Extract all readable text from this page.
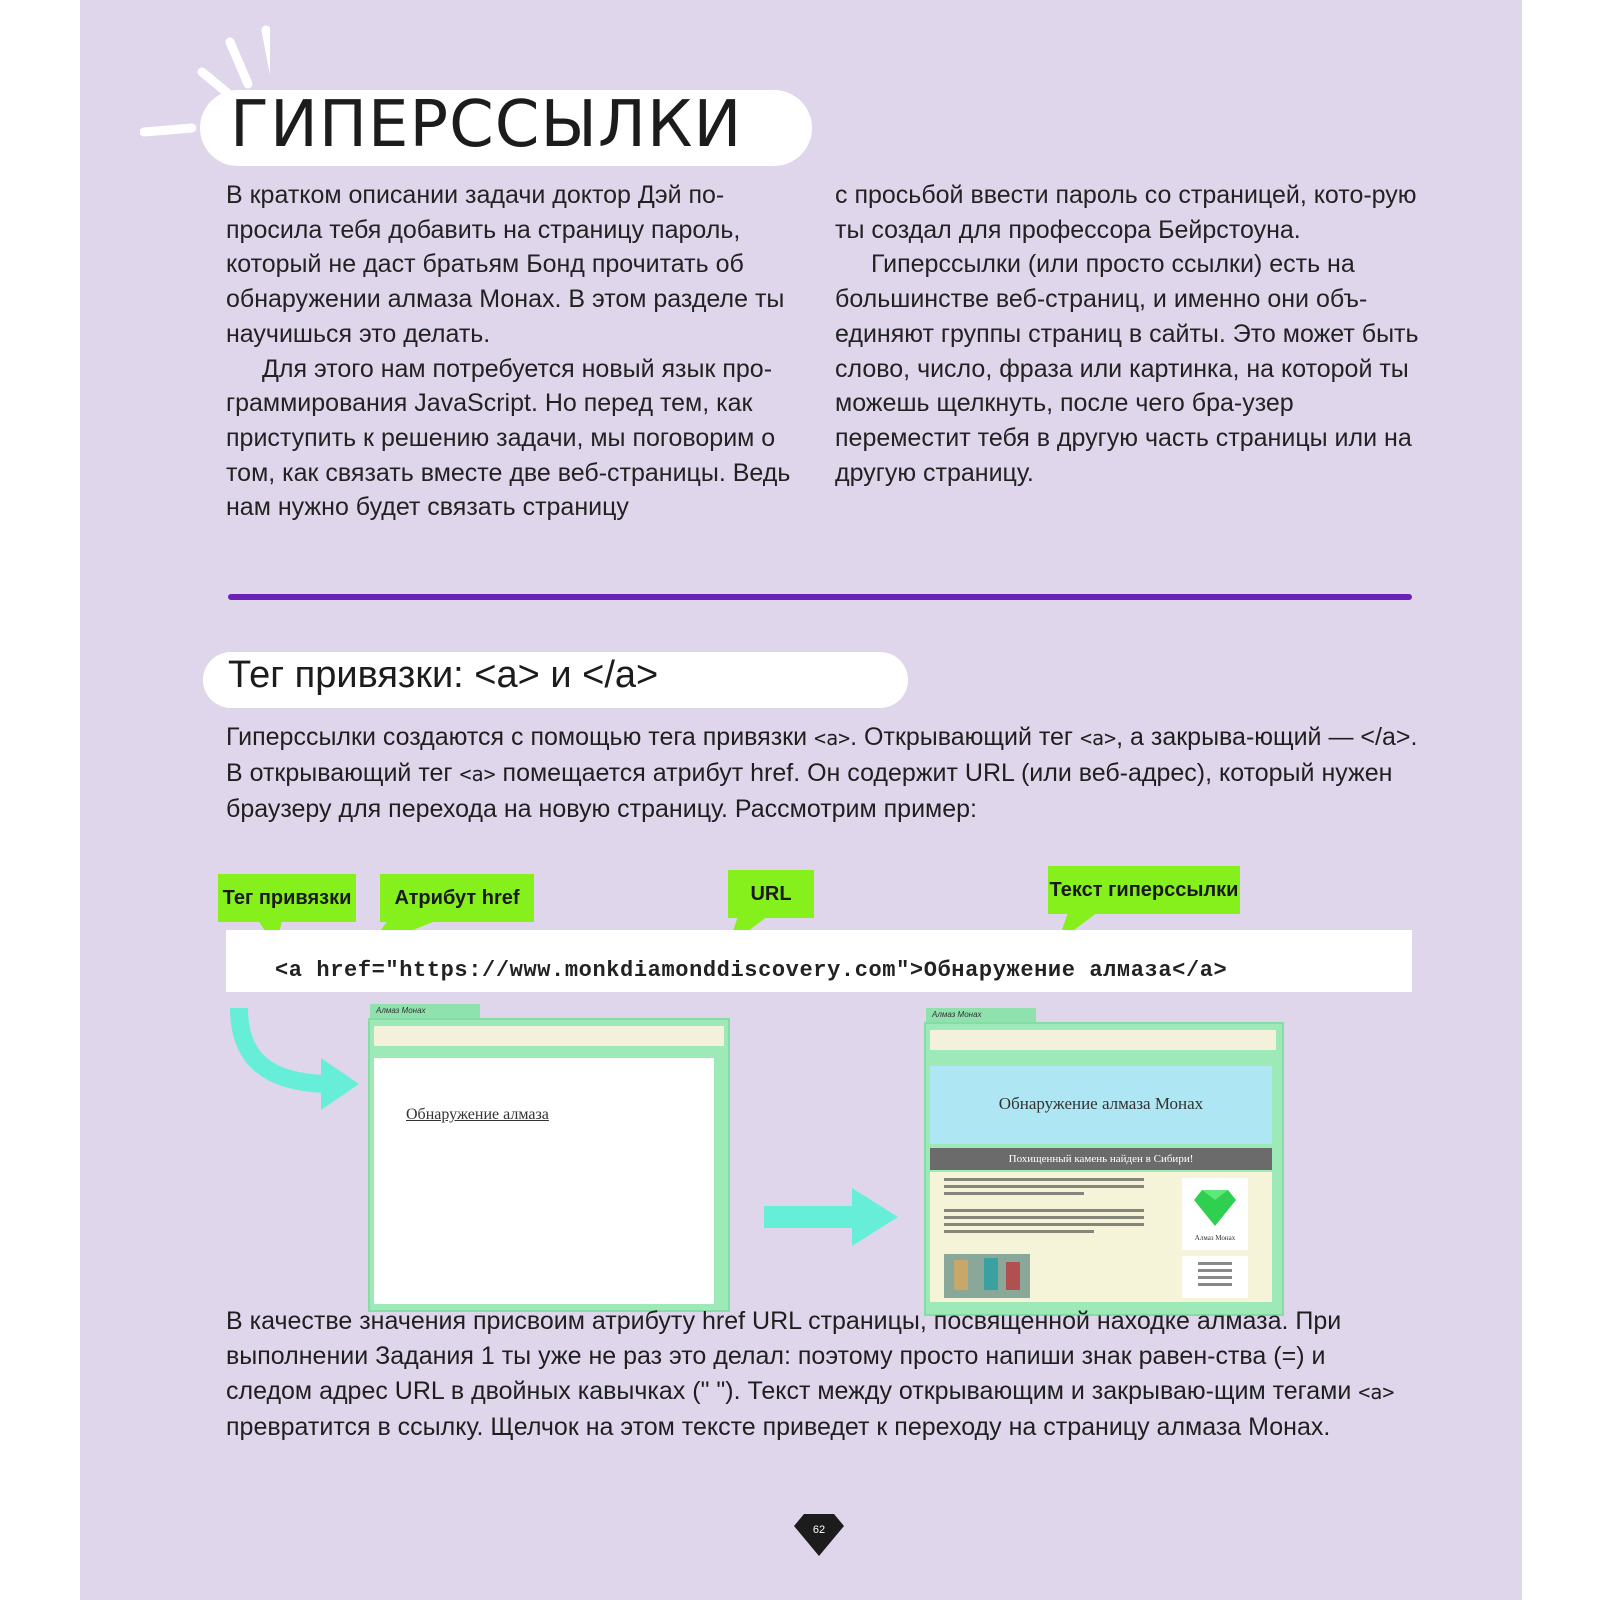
ГИПЕРССЫЛКИ

В кратком описании задачи доктор Дэй по-просила тебя добавить на страницу пароль, который не даст братьям Бонд прочитать об обнаружении алмаза Монах. В этом разделе ты научишься это делать.

Для этого нам потребуется новый язык про-граммирования JavaScript. Но перед тем, как приступить к решению задачи, мы поговорим о том, как связать вместе две веб-страницы. Ведь нам нужно будет связать страницу

с просьбой ввести пароль со страницей, кото-рую ты создал для профессора Бейрстоуна.

Гиперссылки (или просто ссылки) есть на большинстве веб-страниц, и именно они объ-единяют группы страниц в сайты. Это может быть слово, число, фраза или картинка, на которой ты можешь щелкнуть, после чего бра-узер переместит тебя в другую часть страницы или на другую страницу.

Тег привязки: <a> и </a>

Гиперссылки создаются с помощью тега привязки <a>. Открывающий тег <a>, а закрыва-ющий — </a>. В открывающий тег <a> помещается атрибут href. Он содержит URL (или веб-адрес), который нужен браузеру для перехода на новую страницу. Рассмотрим пример:

Тег привязки	Атрибут href	URL	Текст гиперссылки

<a href="https://www.monkdiamonddiscovery.com">Обнаружение алмаза</a>

Алмаз Монах

Обнаружение алмаза

Алмаз Монах

Обнаружение алмаза Монах

Похищенный камень найден в Сибири!
Алмаз Монах

В качестве значения присвоим атрибуту href URL страницы, посвященной находке алмаза. При выполнении Задания 1 ты уже не раз это делал: поэтому просто напиши знак равен-ства (=) и следом адрес URL в двойных кавычках (" "). Текст между открывающим и закрываю-щим тегами <a> превратится в ссылку. Щелчок на этом тексте приведет к переходу на страницу алмаза Монах.

62
